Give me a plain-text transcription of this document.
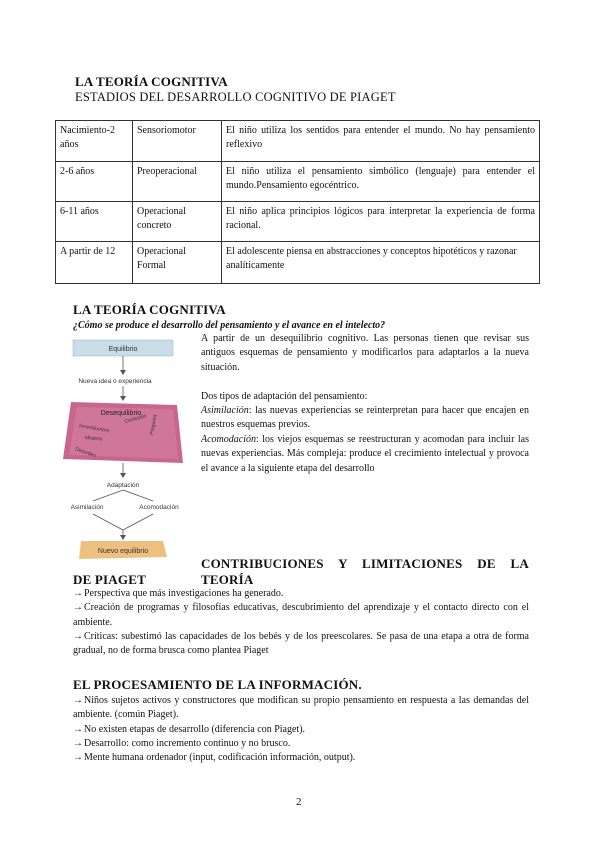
LA TEORÍA COGNITIVA
ESTADIOS DEL DESARROLLO COGNITIVO DE PIAGET
Nacimiento-2 años	Sensoriomotor	El niño utiliza los sentidos para entender el mundo. No hay pensamiento reflexivo
2-6 años	Preoperacional	El niño utiliza el pensamiento simbólico (lenguaje) para entender el mundo.Pensamiento egocéntrico.
6-11 años	Operacional concreto	El niño aplica principios lógicos para interpretar la experiencia de forma racional.
A partir de 12	Operacional Formal	El adolescente piensa en abstracciones y conceptos hipotéticos y razonar analíticamente
LA TEORÍA COGNITIVA
¿Cómo se produce el desarrollo del pensamiento y el avance en el intelecto?
Equilibrio
Nueva idea o experiencia
Desequilibrio
Incertidumbre	Pregunta
Confusión
Misterio
Desorden
Adaptación
Asimilación	Acomodación
Nuevo equilibrio
A partir de un desequilibrio cognitivo. Las personas tienen que revisar sus antiguos esquemas de pensamiento y modificarlos para adaptarlos a la nueva situación.
Dos tipos de adaptación del pensamiento:
Asimilación: las nuevas experiencias se reinterpretan para hacer que encajen en nuestros esquemas previos.
Acomodación: los viejos esquemas se reestructuran y acomodan para incluir las nuevas experiencias. Más compleja: produce el crecimiento intelectual y provoca el avance a la siguiente etapa del desarrollo
CONTRIBUCIONES Y LIMITACIONES DE LA TEORÍA
DE PIAGET
→Perspectiva que más investigaciones ha generado.
→Creación de programas y filosofías educativas, descubrimiento del aprendizaje y el contacto directo con el ambiente.
→Críticas: subestimó las capacidades de los bebés y de los preescolares. Se pasa de una etapa a otra de forma gradual, no de forma brusca como plantea Piaget
EL PROCESAMIENTO DE LA INFORMACIÓN.
→Niños sujetos activos y constructores que modifican su propio pensamiento en respuesta a las demandas del ambiente. (común Piaget).
→No existen etapas de desarrollo (diferencia con Piaget).
→Desarrollo: como incremento continuo y no brusco.
→Mente humana ordenador (input, codificación información, output).
2
